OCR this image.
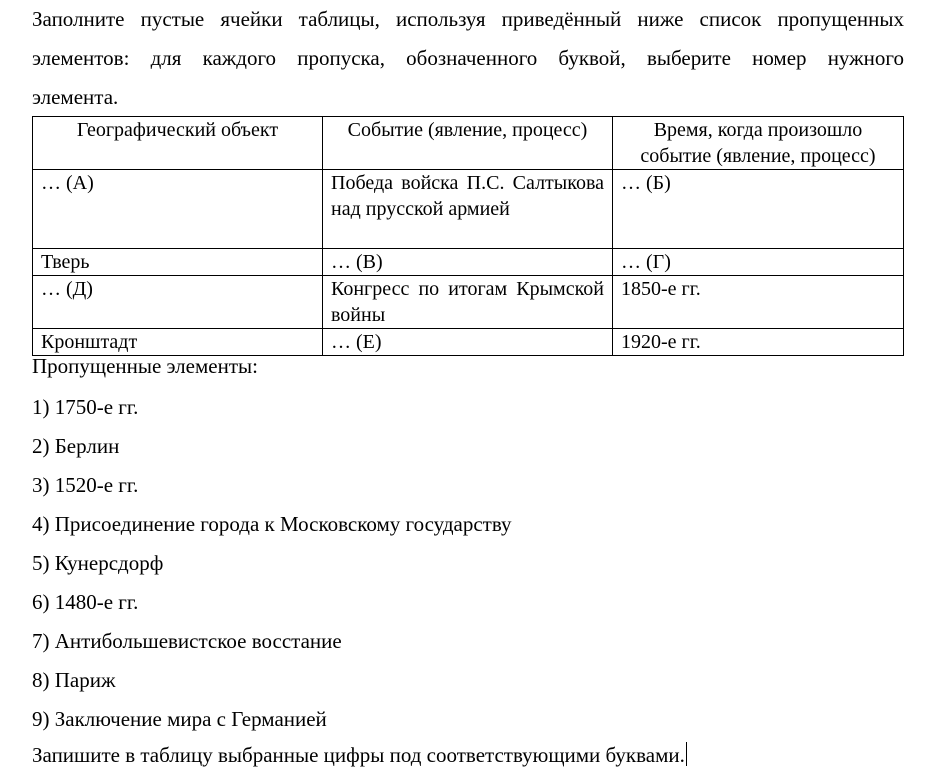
Заполните пустые ячейки таблицы, используя приведённый ниже список пропущенных
элементов: для каждого пропуска, обозначенного буквой, выберите номер нужного
элемента.
Географический объект	Событие (явление, процесс)	Время, когда произошло событие (явление, процесс)
… (А)	Победа войска П.С. Салтыкова над прусской армией	… (Б)
Тверь	… (В)	… (Г)
… (Д)	Конгресс по итогам Крымской войны	1850-е гг.
Кронштадт	… (Е)	1920-е гг.
Пропущенные элементы:
1) 1750-е гг.
2) Берлин
3) 1520-е гг.
4) Присоединение города к Московскому государству
5) Кунерсдорф
6) 1480-е гг.
7) Антибольшевистское восстание
8) Париж
9) Заключение мира с Германией
Запишите в таблицу выбранные цифры под соответствующими буквами.
